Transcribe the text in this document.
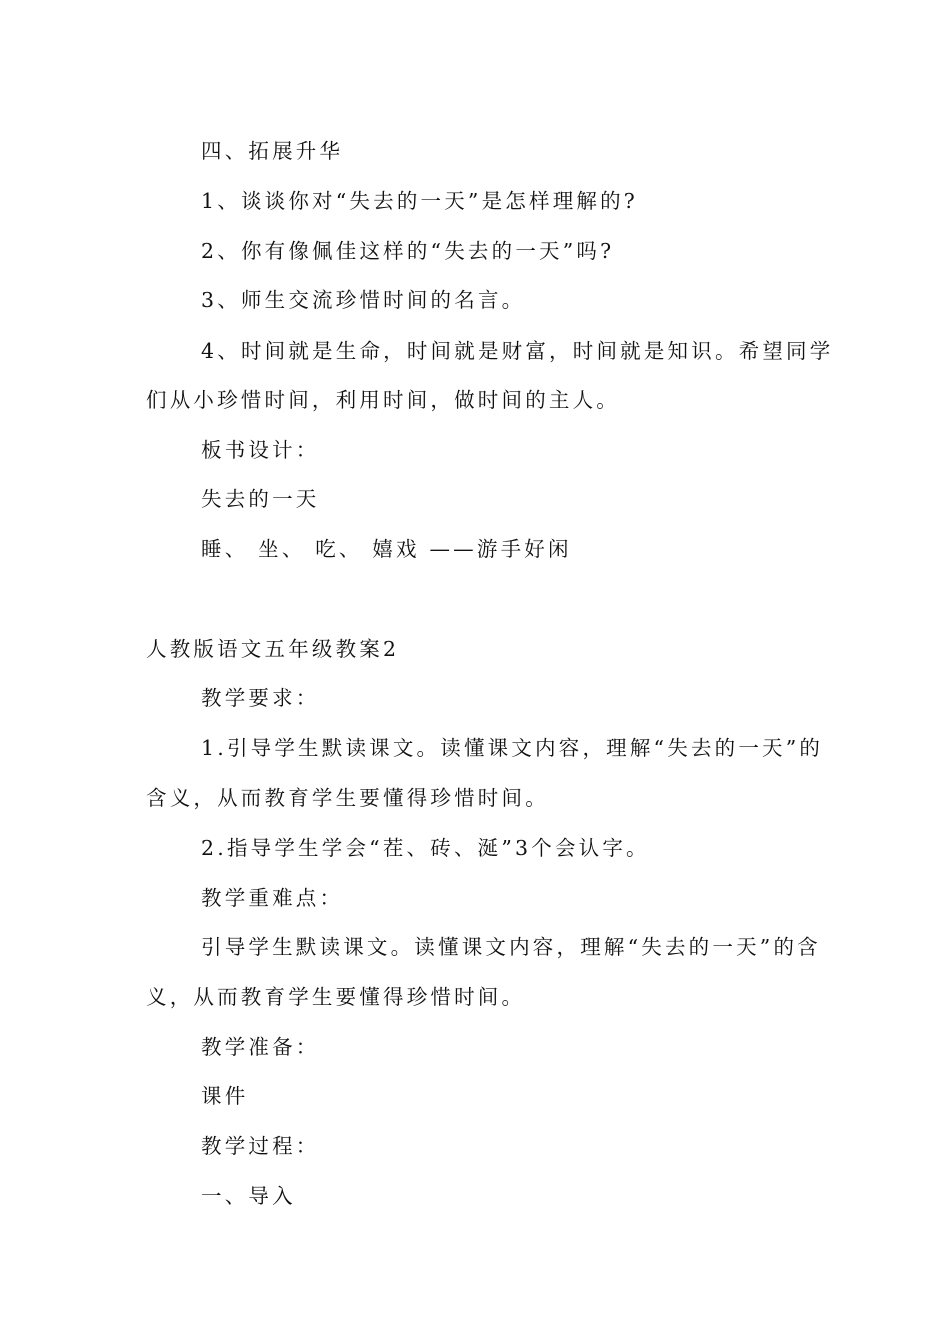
四、拓展升华
1、谈谈你对“失去的一天”是怎样理解的?
2、你有像佩佳这样的“失去的一天”吗?
3、师生交流珍惜时间的名言。
4、时间就是生命，时间就是财富，时间就是知识。希望同学
们从小珍惜时间，利用时间，做时间的主人。
板书设计：
失去的一天
睡、 坐、 吃、 嬉戏 ——游手好闲
人教版语文五年级教案2
教学要求：
1.引导学生默读课文。读懂课文内容，理解“失去的一天”的
含义，从而教育学生要懂得珍惜时间。
2.指导学生学会“茬、砖、涎”3个会认字。
教学重难点：
引导学生默读课文。读懂课文内容，理解“失去的一天”的含
义，从而教育学生要懂得珍惜时间。
教学准备：
课件
教学过程：
一、导入
